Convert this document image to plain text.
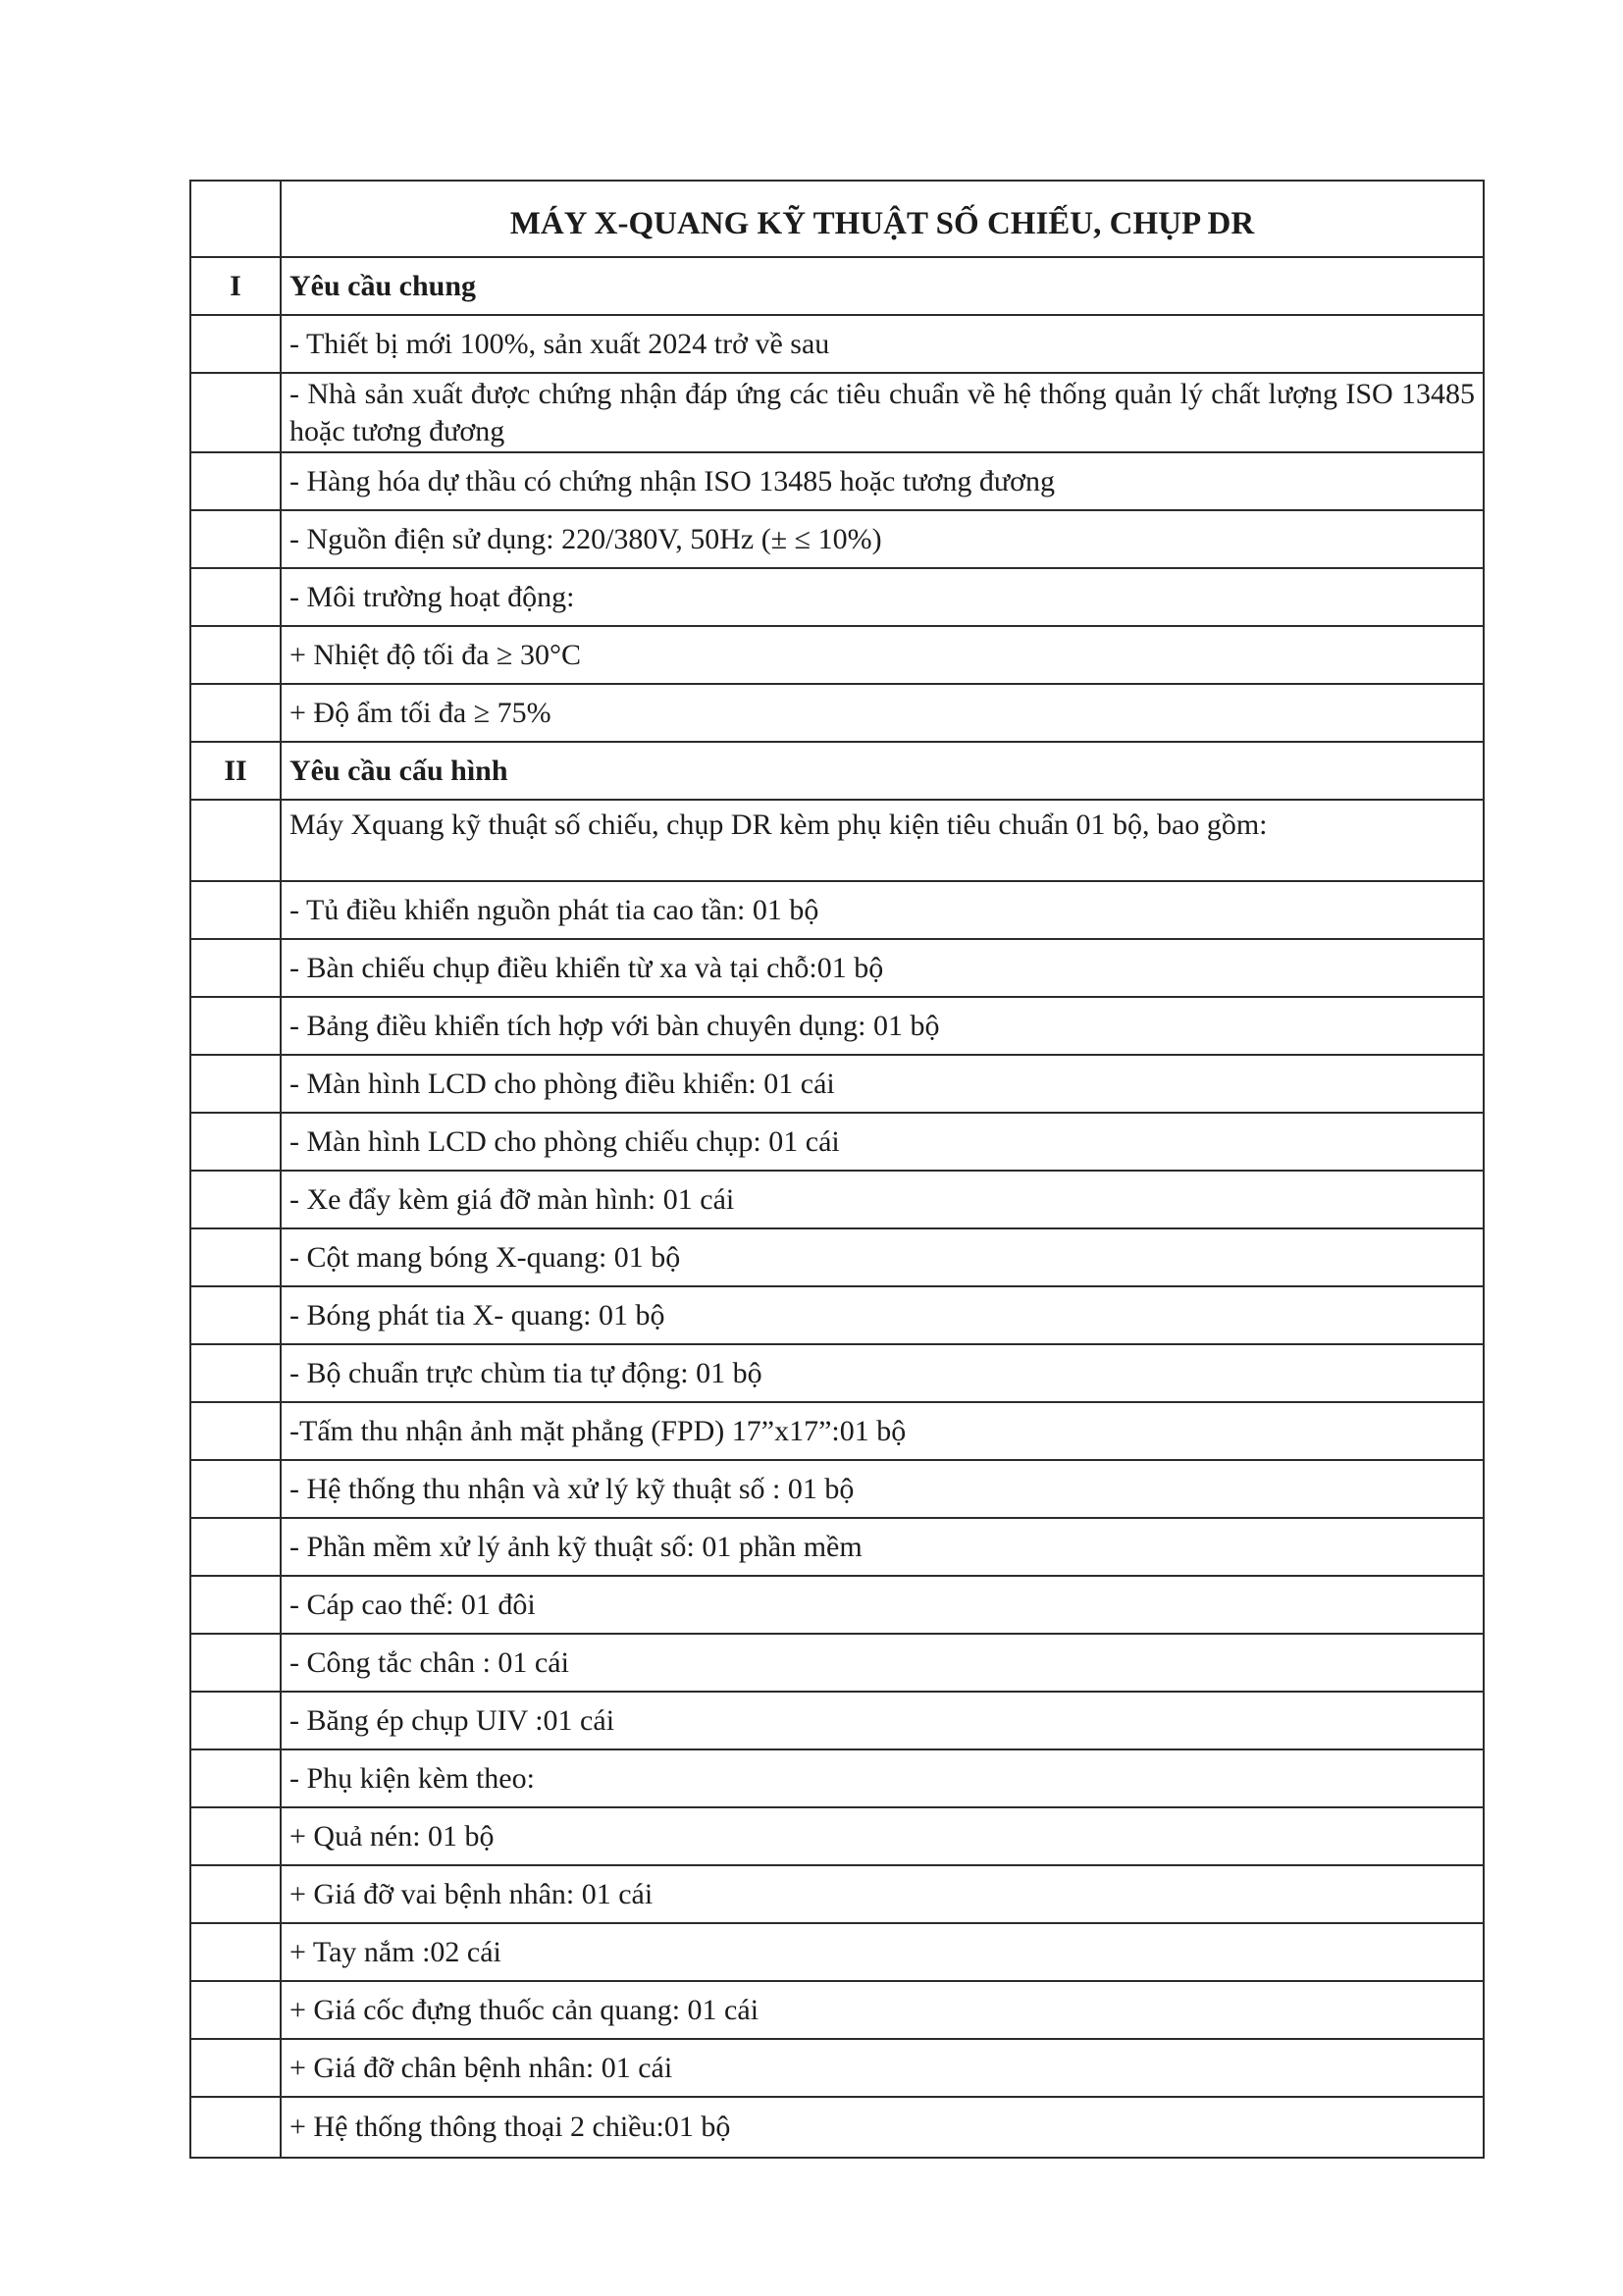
	MÁY X-QUANG KỸ THUẬT SỐ CHIẾU, CHỤP DR
I	Yêu cầu chung
	- Thiết bị mới 100%, sản xuất 2024 trở về sau
	- Nhà sản xuất được chứng nhận đáp ứng các tiêu chuẩn về hệ thống quản lý chất lượng ISO 13485 hoặc tương đương
	- Hàng hóa dự thầu có chứng nhận ISO 13485 hoặc tương đương
	- Nguồn điện sử dụng: 220/380V, 50Hz (± ≤ 10%)
	- Môi trường hoạt động:
	+ Nhiệt độ tối đa ≥ 30°C
	+ Độ ẩm tối đa ≥ 75%
II	Yêu cầu cấu hình
	Máy Xquang kỹ thuật số chiếu, chụp DR kèm phụ kiện tiêu chuẩn 01 bộ, bao gồm:
	- Tủ điều khiển nguồn phát tia cao tần: 01 bộ
	- Bàn chiếu chụp điều khiển từ xa và tại chỗ:01 bộ
	- Bảng điều khiển tích hợp với bàn chuyên dụng: 01 bộ
	- Màn hình LCD cho phòng điều khiển: 01 cái
	- Màn hình LCD cho phòng chiếu chụp: 01 cái
	- Xe đẩy kèm giá đỡ màn hình: 01 cái
	- Cột mang bóng X-quang: 01 bộ
	- Bóng phát tia X- quang: 01 bộ
	- Bộ chuẩn trực chùm tia tự động: 01 bộ
	-Tấm thu nhận ảnh mặt phẳng (FPD) 17”x17”:01 bộ
	- Hệ thống thu nhận và xử lý kỹ thuật số : 01 bộ
	- Phần mềm xử lý ảnh kỹ thuật số: 01 phần mềm
	- Cáp cao thế: 01 đôi
	- Công tắc chân : 01 cái
	- Băng ép chụp UIV :01 cái
	- Phụ kiện kèm theo:
	+ Quả nén: 01 bộ
	+ Giá đỡ vai bệnh nhân: 01 cái
	+ Tay nắm :02 cái
	+ Giá cốc đựng thuốc cản quang: 01 cái
	+ Giá đỡ chân bệnh nhân: 01 cái
	+ Hệ thống thông thoại 2 chiều:01 bộ
